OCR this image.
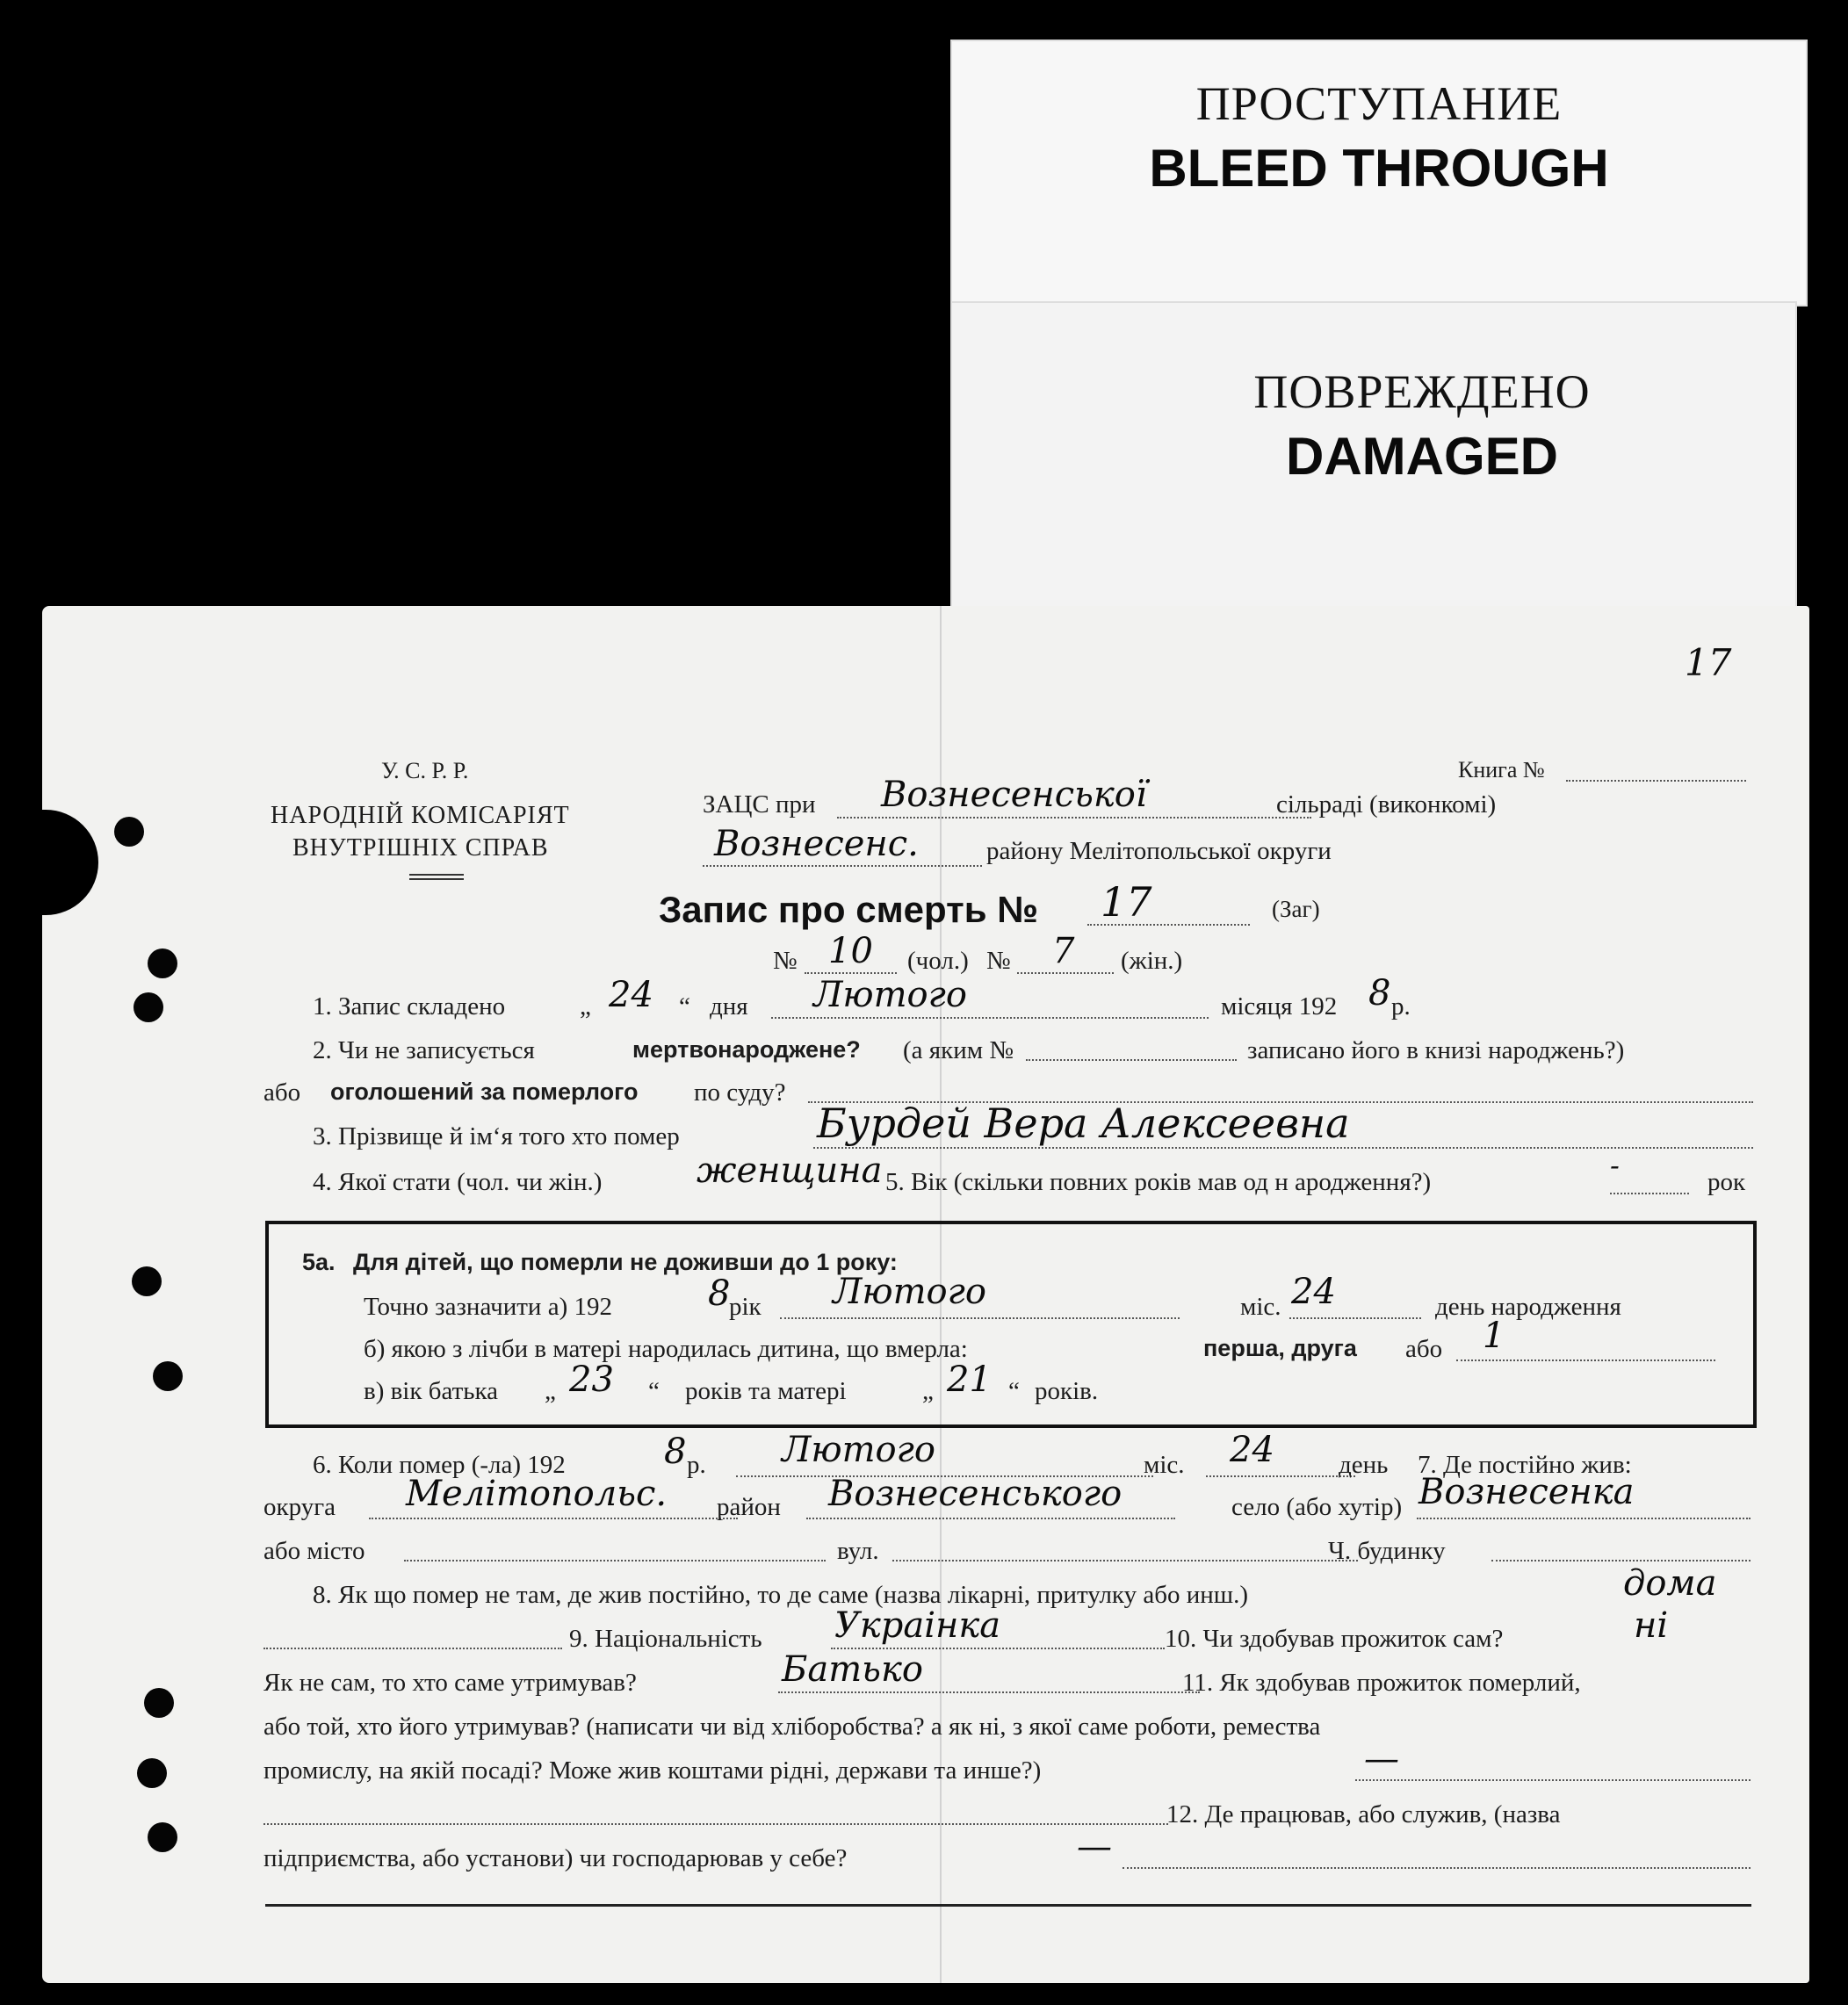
ПРОСТУПАНИЕ
BLEED THROUGH
ПОВРЕЖДЕНО
DAMAGED
17
У. С. Р. Р.
НАРОДНІЙ КОМІСАРІЯТ
ВНУТРІШНІХ СПРАВ
Книга №
ЗАЦС при Вознесенської	сільраді (виконкомі)
Вознесенс.	району Мелітопольської округи
Запис про смерть № 17	(Заг)
№ 10 (чол.) № 7 (жін.)
1. Запис складено	„ 24 “ дня Лютого	місяця 192 8 р.
2. Чи не записується	мертвонароджене? (а яким №	записано його в книзі народжень?)
або оголошений за померлого по суду?
3. Прізвище й ім‘я того хто помер	Бурдей Вера Алексеевна
4. Якої стати (чол. чи жін.)	женщина 5. Вік (скільки повних років мав од н ародження?)	-	рок
5а. Для дітей, що померли не доживши до 1 року:
Точно зазначити а) 192	8
рік Лютого	міс. 24	день народження
б) якою з лічби в матері народилась дитина, що вмерла:	перша, друга або 1
в) вік батька „ 23 “ років та матері	„ 21 “ років.
6. Коли помер (-ла) 192	8 р. Лютого	міс. 24	день 7. Де постійно жив:
округа Мелітопольс. район Вознесенського	село (або хутір) Вознесенка
або місто	вул.	Ч. будинку
8. Як що помер не там, де жив постійно, то де саме (назва лікарні, притулку або инш.)	дома
9. Національність Украінка	10. Чи здобував прожиток сам?	ні
Як не сам, то хто саме утримував?	Батько	11. Як здобував прожиток померлий,
або той, хто його утримував? (написати чи від хліборобства? а як ні, з якої саме роботи, ремества
промислу, на якій посаді? Може жив коштами рідні, держави та инше?)	—
12. Де працював, або служив, (назва
підприємства, або установи) чи господарював у себе?	—
